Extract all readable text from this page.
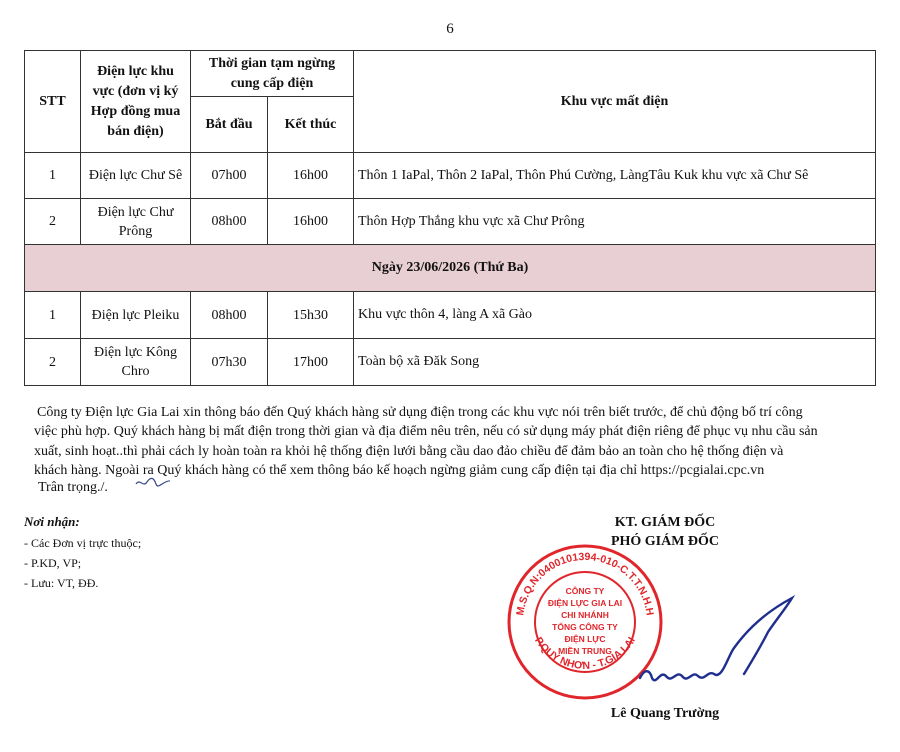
6
STT	Điện lực khu vực (đơn vị ký Hợp đồng mua bán điện)	Thời gian tạm ngừng cung cấp điện		Khu vực mất điện
		Bắt đầu	Kết thúc	
1	Điện lực Chư Sê	07h00	16h00	Thôn 1 IaPal, Thôn 2 IaPal, Thôn Phú Cường, LàngTâu Kuk khu vực xã Chư Sê
2	Điện lực Chư Prông	08h00	16h00	Thôn Hợp Thắng khu vực xã Chư Prông
Ngày 23/06/2026 (Thứ Ba)				
1	Điện lực Pleiku	08h00	15h30	Khu vực thôn 4, làng A xã Gào
2	Điện lực Kông Chro	07h30	17h00	Toàn bộ xã Đăk Song

Công ty Điện lực Gia Lai xin thông báo đến Quý khách hàng sử dụng điện trong các khu vực nói trên biết trước, để chủ động bố trí công

việc phù hợp. Quý khách hàng bị mất điện trong thời gian và địa điểm nêu trên, nếu có sử dụng máy phát điện riêng để phục vụ nhu cầu sản

xuất, sinh hoạt..thì phải cách ly hoàn toàn ra khỏi hệ thống điện lưới bằng cầu dao đảo chiều để đảm bảo an toàn cho hệ thống điện và

khách hàng. Ngoài ra Quý khách hàng có thể xem thông báo kế hoạch ngừng giảm cung cấp điện tại địa chỉ https://pcgialai.cpc.vn

Trân trọng./.
Nơi nhận:
- Các Đơn vị trực thuộc;
- P.KD, VP;
- Lưu: VT, ĐĐ.
KT. GIÁM ĐỐC
PHÓ GIÁM ĐỐC
M.S.Q.N:0400101394-010-C.T.T.N.H.H
P.QUY NHƠN - T.GIA LAI
CÔNG TY
ĐIỆN LỰC GIA LAI
CHI NHÁNH
TỔNG CÔNG TY
ĐIỆN LỰC
MIỀN TRUNG
Lê Quang Trường
